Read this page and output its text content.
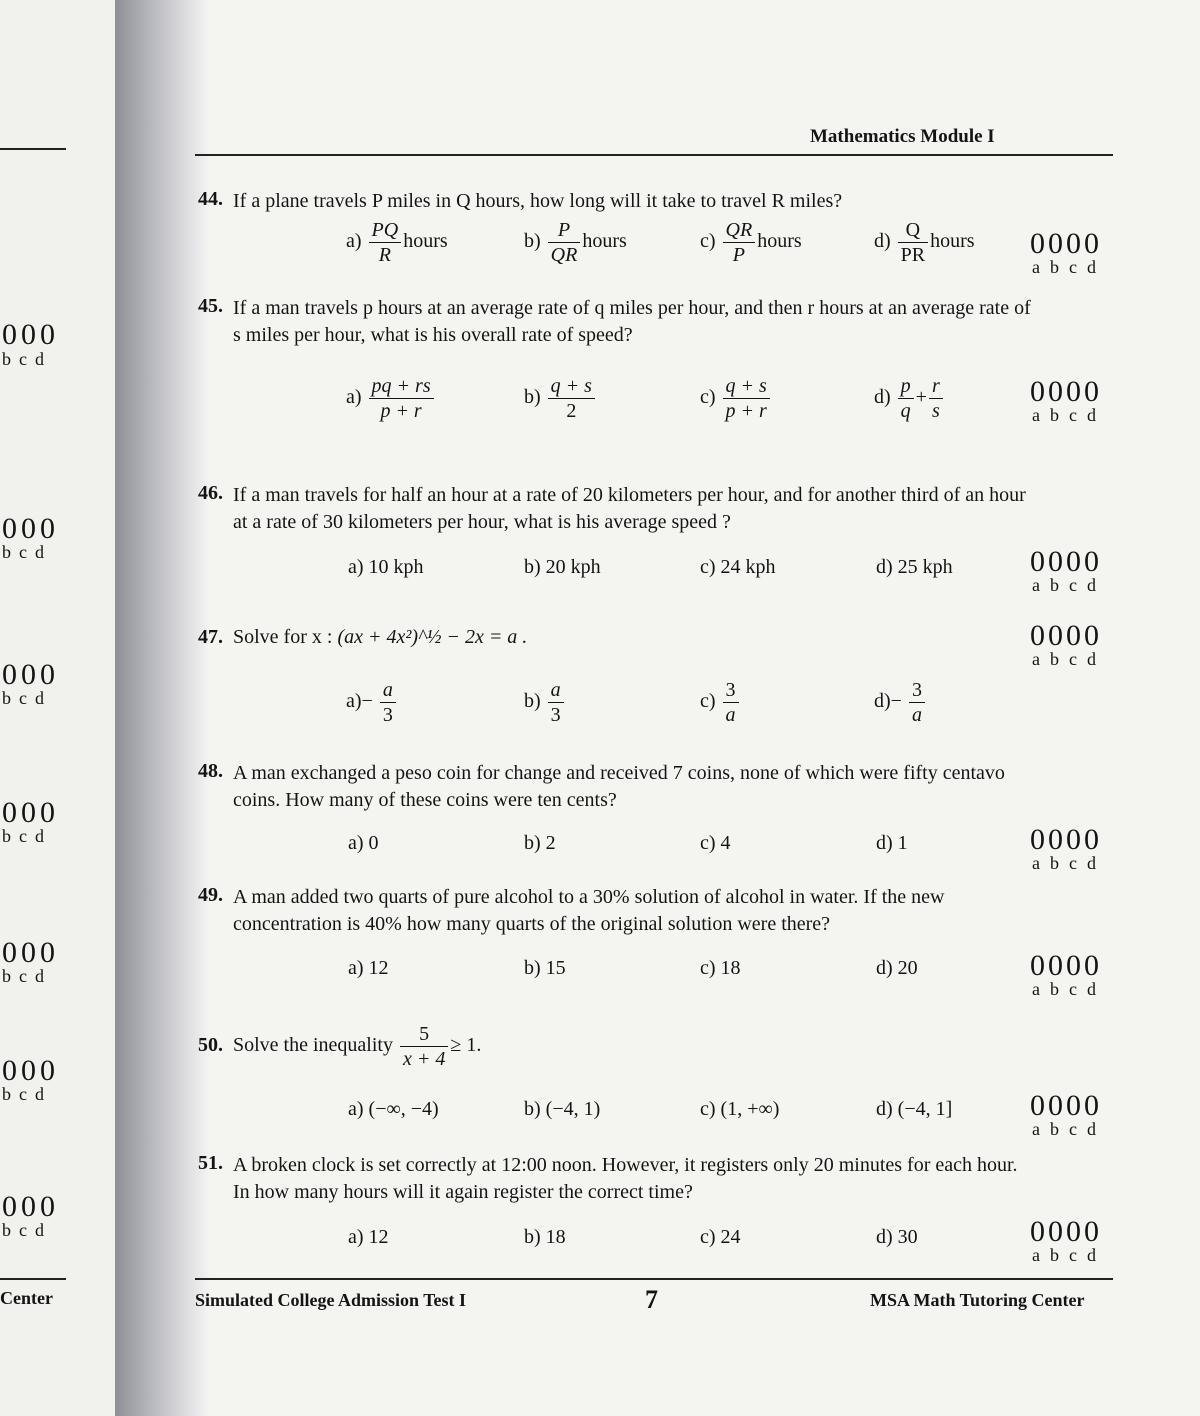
000
bcd
000
bcd
000
bcd
000
bcd
000
bcd
000
bcd
000
bcd
Center
Mathematics Module I
44. If a plane travels P miles in Q hours, how long will it take to travel R miles?
$a) \frac{PQ}{R}$ hours	$b) \frac{P}{QR}$ hours	$c) \frac{QR}{P}$ hours	$d) \frac{Q}{PR}$ hours 0000
abcd
45. If a man travels p hours at an average rate of q miles per hour, and then r hours at an average rate of s miles per hour, what is his overall rate of speed?
$a) \frac{pq + rs}{p + r}$	$b) \frac{q + s}{2}$	$c) \frac{q + s}{p + r}$	$d) \frac{p}{q} + \frac{r}{s}$	0000
abcd
46. If a man travels for half an hour at a rate of 20 kilometers per hour, and for another third of an hour at a rate of 30 kilometers per hour, what is his average speed ?
a) 10 kph	b) 20 kph	c) 24 kph	d) 25 kph	0000
abcd
47. Solve for x : (ax + 4x²)^½ − 2x = a .	0000
abcd
$a)- \frac{a}{3}$	$b) \frac{a}{3}$	$c) \frac{3}{a}$	$d)- \frac{3}{a}$
48. A man exchanged a peso coin for change and received 7 coins, none of which were fifty centavo coins. How many of these coins were ten cents?
a) 0	b) 2	c) 4	d) 1	0000
abcd
49. A man added two quarts of pure alcohol to a 30% solution of alcohol in water. If the new concentration is 40% how many quarts of the original solution were there?
a) 12	b) 15	c) 18	d) 20	0000
abcd
50. Solve the inequality $\frac{5}{x + 4} \ge 1$.
a) (−∞, −4)	b) (−4, 1)	c) (1, +∞)	d) (−4, 1]	0000
abcd
51. A broken clock is set correctly at 12:00 noon. However, it registers only 20 minutes for each hour. In how many hours will it again register the correct time?
a) 12	b) 18	c) 24	d) 30	0000
abcd
Simulated College Admission Test I	7	MSA Math Tutoring Center
